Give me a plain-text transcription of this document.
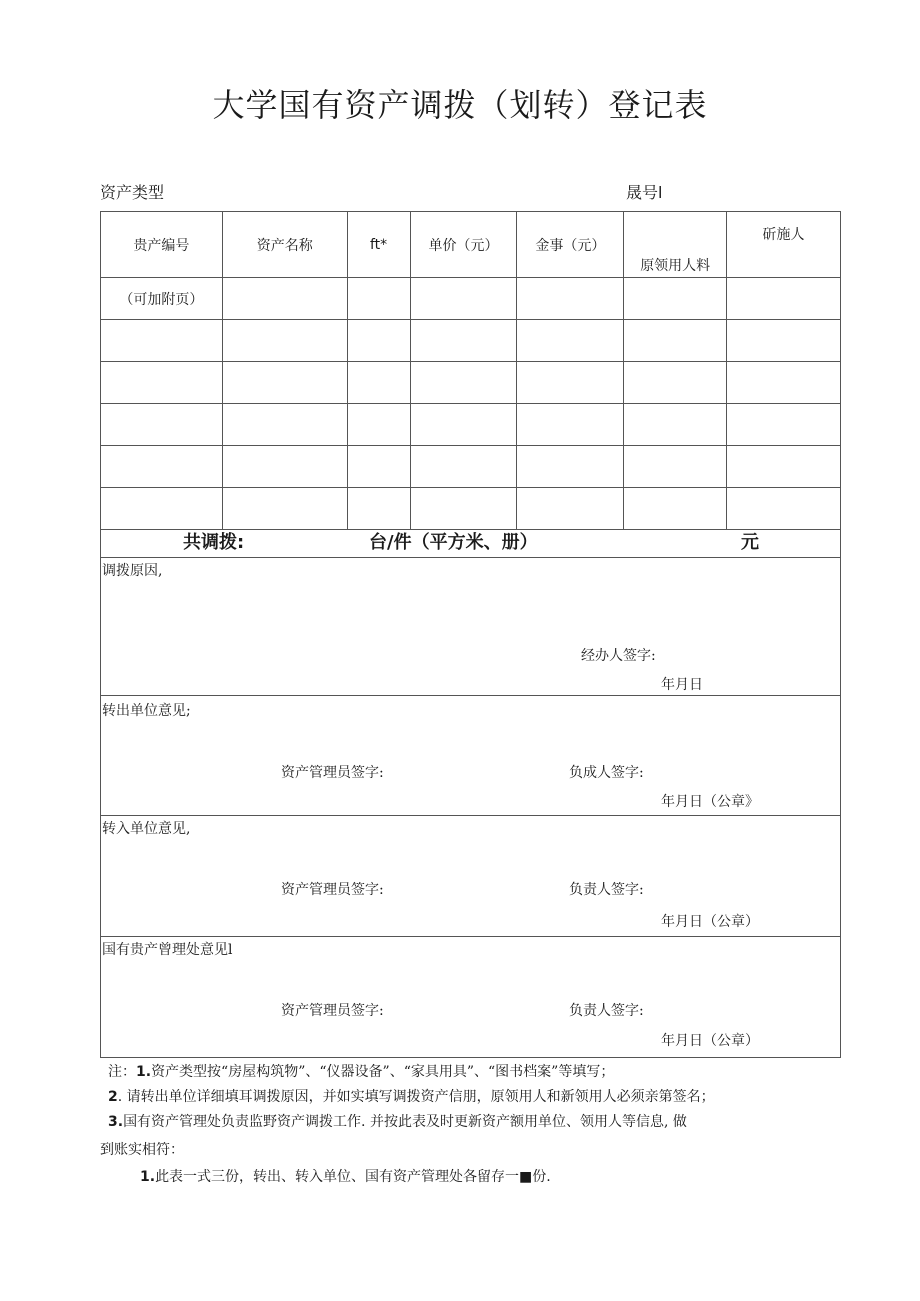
大学国有资产调拨（划转）登记表
资产类型	晟号l
贵产编号	资产名称	ft*	单价（元）	金事（元）	原领用人料	斫施人
（可加附页）						

共调拨:	台/件（平方米、册）	元
调拨原因,
经办人签字:
年月日
转出单位意见;
资产管理员签字:	负成人签字:
年月日（公章》
转入单位意见,
资产管理员签字:	负责人签字:
年月日（公章）
国有贵产曾理处意见l
资产管理员签字:	负责人签字:
年月日（公章）
注：1.资产类型按“房屋构筑物”、“仪器设备”、“家具用具”、“图书档案”等填写；
2. 请转出单位详细填耳调拨原因，并如实填写调拨资产信朋，原领用人和新领用人必须亲第签名；
3.国有资产管理处负责监野资产调拨工作. 并按此表及时更新资产额用单位、领用人等信息, 做
到账实相符：
1.此表一式三份，转出、转入单位、国有资产管理处各留存一■份.
